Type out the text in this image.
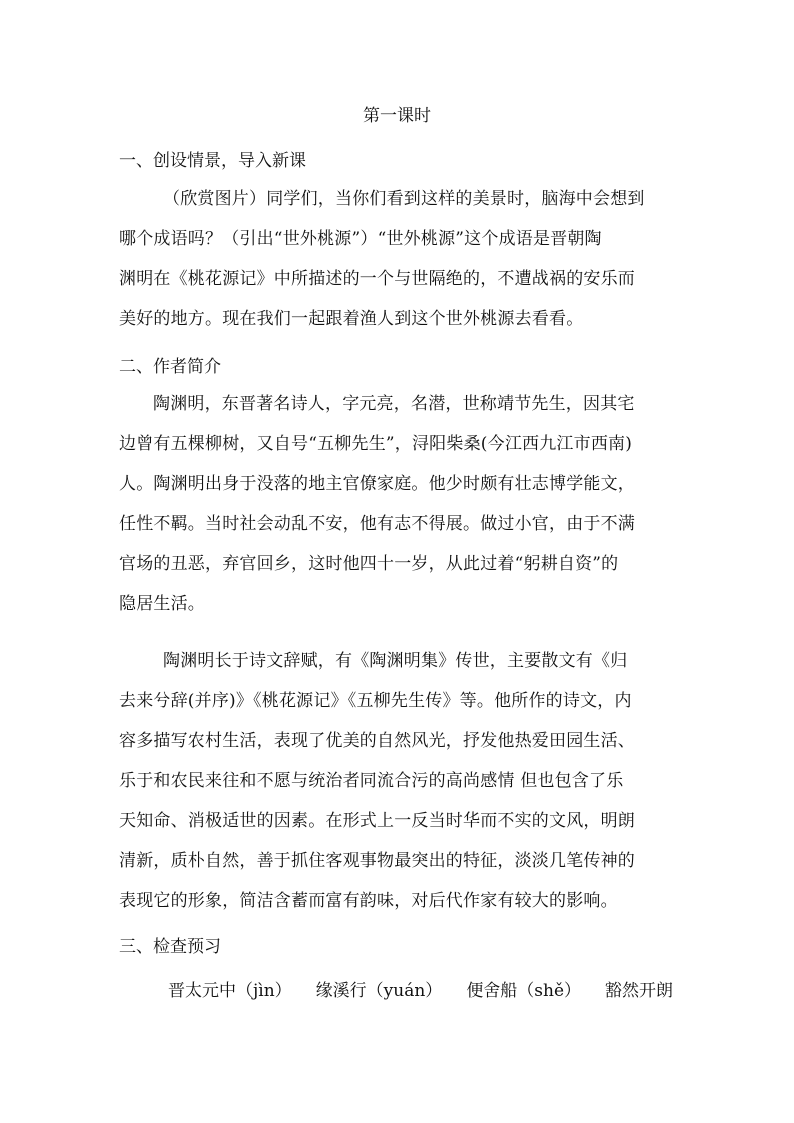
第一课时
一、创设情景，导入新课

（欣赏图片）同学们，当你们看到这样的美景时，脑海中会想到

哪个成语吗？（引出“世外桃源”）“世外桃源”这个成语是晋朝陶

渊明在《桃花源记》中所描述的一个与世隔绝的，不遭战祸的安乐而

美好的地方。现在我们一起跟着渔人到这个世外桃源去看看。

二、作者简介

陶渊明，东晋著名诗人，字元亮，名潜，世称靖节先生，因其宅

边曾有五棵柳树，又自号“五柳先生”，浔阳柴桑(今江西九江市西南)

人。陶渊明出身于没落的地主官僚家庭。他少时颇有壮志博学能文，

任性不羁。当时社会动乱不安，他有志不得展。做过小官，由于不满

官场的丑恶，弃官回乡，这时他四十一岁，从此过着“躬耕自资”的

隐居生活。

陶渊明长于诗文辞赋，有《陶渊明集》传世，主要散文有《归

去来兮辞(并序)》《桃花源记》《五柳先生传》等。他所作的诗文，内

容多描写农村生活，表现了优美的自然风光，抒发他热爱田园生活、

乐于和农民来往和不愿与统治者同流合污的高尚感情 但也包含了乐

天知命、消极适世的因素。在形式上一反当时华而不实的文风，明朗

清新，质朴自然，善于抓住客观事物最突出的特征，淡淡几笔传神的

表现它的形象，简洁含蓄而富有韵味，对后代作家有较大的影响。

三、检查预习
晋太元中（jìn） 缘溪行（yuán） 便舍船（shě） 豁然开朗
